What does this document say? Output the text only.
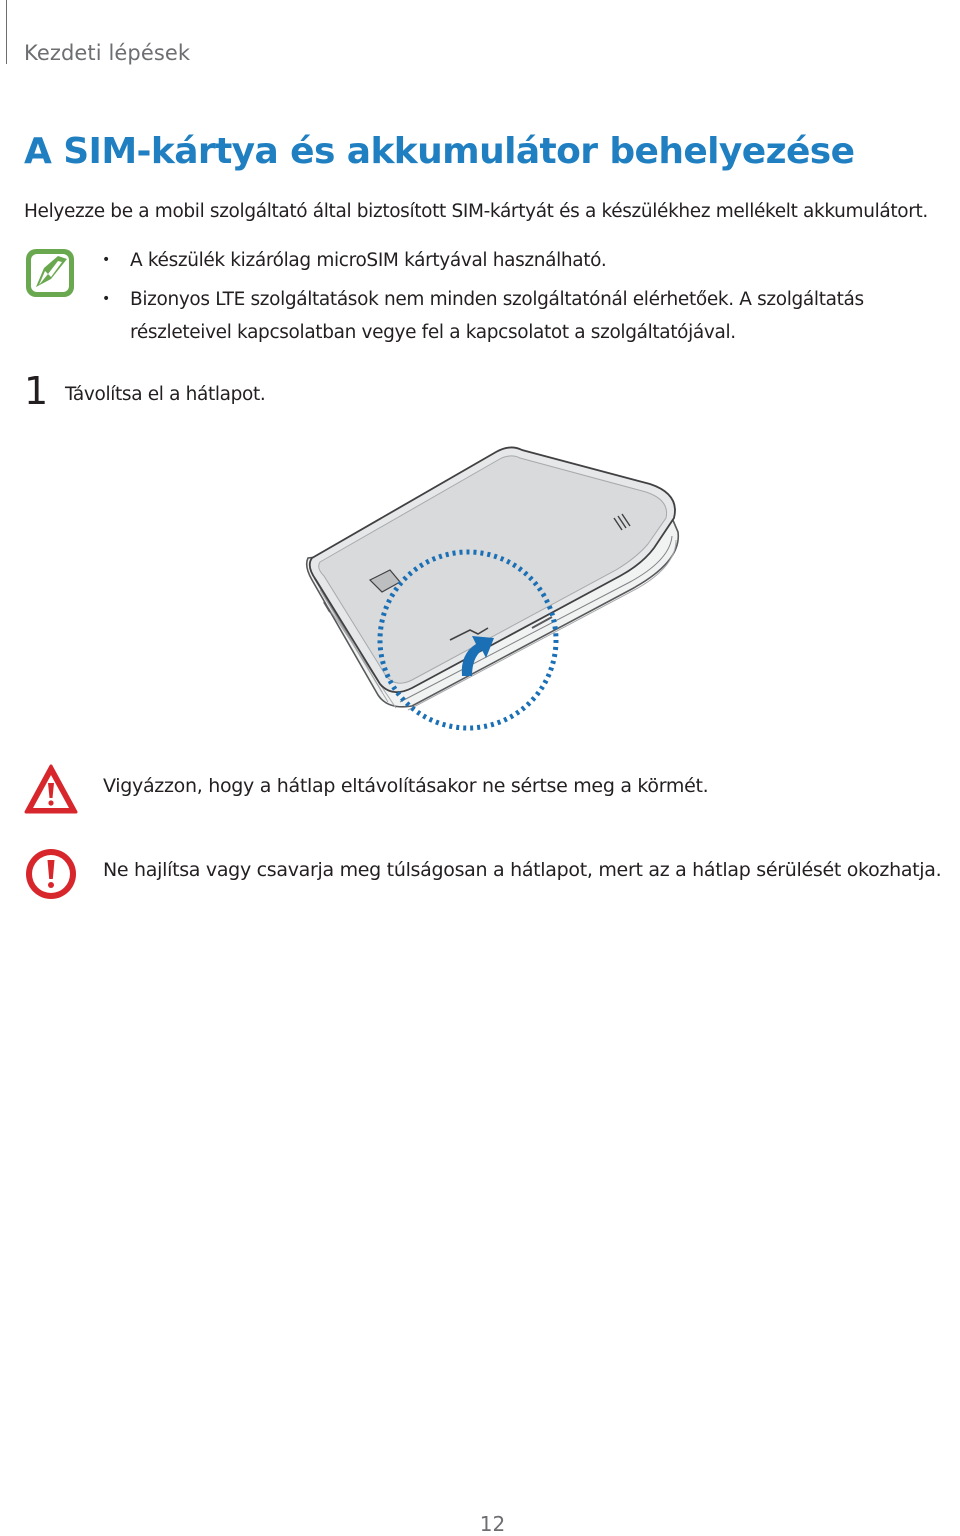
Kezdeti lépések
A SIM-kártya és akkumulátor behelyezése

Helyezze be a mobil szolgáltató által biztosított SIM-kártyát és a készülékhez mellékelt akkumulátort.

• A készülék kizárólag microSIM kártyával használható.
• Bizonyos LTE szolgáltatások nem minden szolgáltatónál elérhetőek. A szolgáltatás részleteivel kapcsolatban vegye fel a kapcsolatot a szolgáltatójával.
1 Távolítsa el a hátlapot.
Vigyázzon, hogy a hátlap eltávolításakor ne sértse meg a körmét.
Ne hajlítsa vagy csavarja meg túlságosan a hátlapot, mert az a hátlap sérülését okozhatja.
12
